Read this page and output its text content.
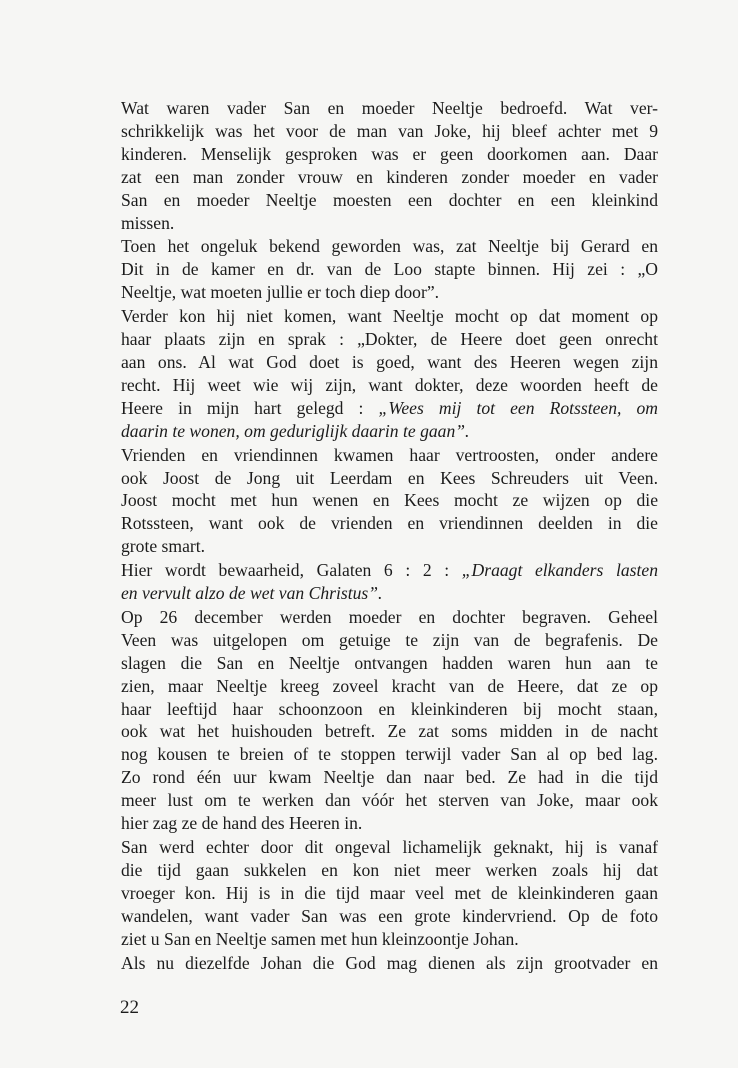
Wat waren vader San en moeder Neeltje bedroefd. Wat ver-
schrikkelijk was het voor de man van Joke, hij bleef achter met 9
kinderen. Menselijk gesproken was er geen doorkomen aan. Daar
zat een man zonder vrouw en kinderen zonder moeder en vader
San en moeder Neeltje moesten een dochter en een kleinkind
missen.

Toen het ongeluk bekend geworden was, zat Neeltje bij Gerard en
Dit in de kamer en dr. van de Loo stapte binnen. Hij zei : „O
Neeltje, wat moeten jullie er toch diep door”.

Verder kon hij niet komen, want Neeltje mocht op dat moment op
haar plaats zijn en sprak : „Dokter, de Heere doet geen onrecht
aan ons. Al wat God doet is goed, want des Heeren wegen zijn
recht. Hij weet wie wij zijn, want dokter, deze woorden heeft de
Heere in mijn hart gelegd : „Wees mij tot een Rotssteen, om
daarin te wonen, om geduriglijk daarin te gaan”.

Vrienden en vriendinnen kwamen haar vertroosten, onder andere
ook Joost de Jong uit Leerdam en Kees Schreuders uit Veen.
Joost mocht met hun wenen en Kees mocht ze wijzen op die
Rotssteen, want ook de vrienden en vriendinnen deelden in die
grote smart.

Hier wordt bewaarheid, Galaten 6 : 2 : „Draagt elkanders lasten
en vervult alzo de wet van Christus”.

Op 26 december werden moeder en dochter begraven. Geheel
Veen was uitgelopen om getuige te zijn van de begrafenis. De
slagen die San en Neeltje ontvangen hadden waren hun aan te
zien, maar Neeltje kreeg zoveel kracht van de Heere, dat ze op
haar leeftijd haar schoonzoon en kleinkinderen bij mocht staan,
ook wat het huishouden betreft. Ze zat soms midden in de nacht
nog kousen te breien of te stoppen terwijl vader San al op bed lag.
Zo rond één uur kwam Neeltje dan naar bed. Ze had in die tijd
meer lust om te werken dan vóór het sterven van Joke, maar ook
hier zag ze de hand des Heeren in.

San werd echter door dit ongeval lichamelijk geknakt, hij is vanaf
die tijd gaan sukkelen en kon niet meer werken zoals hij dat
vroeger kon. Hij is in die tijd maar veel met de kleinkinderen gaan
wandelen, want vader San was een grote kindervriend. Op de foto
ziet u San en Neeltje samen met hun kleinzoontje Johan.

Als nu diezelfde Johan die God mag dienen als zijn grootvader en

22
